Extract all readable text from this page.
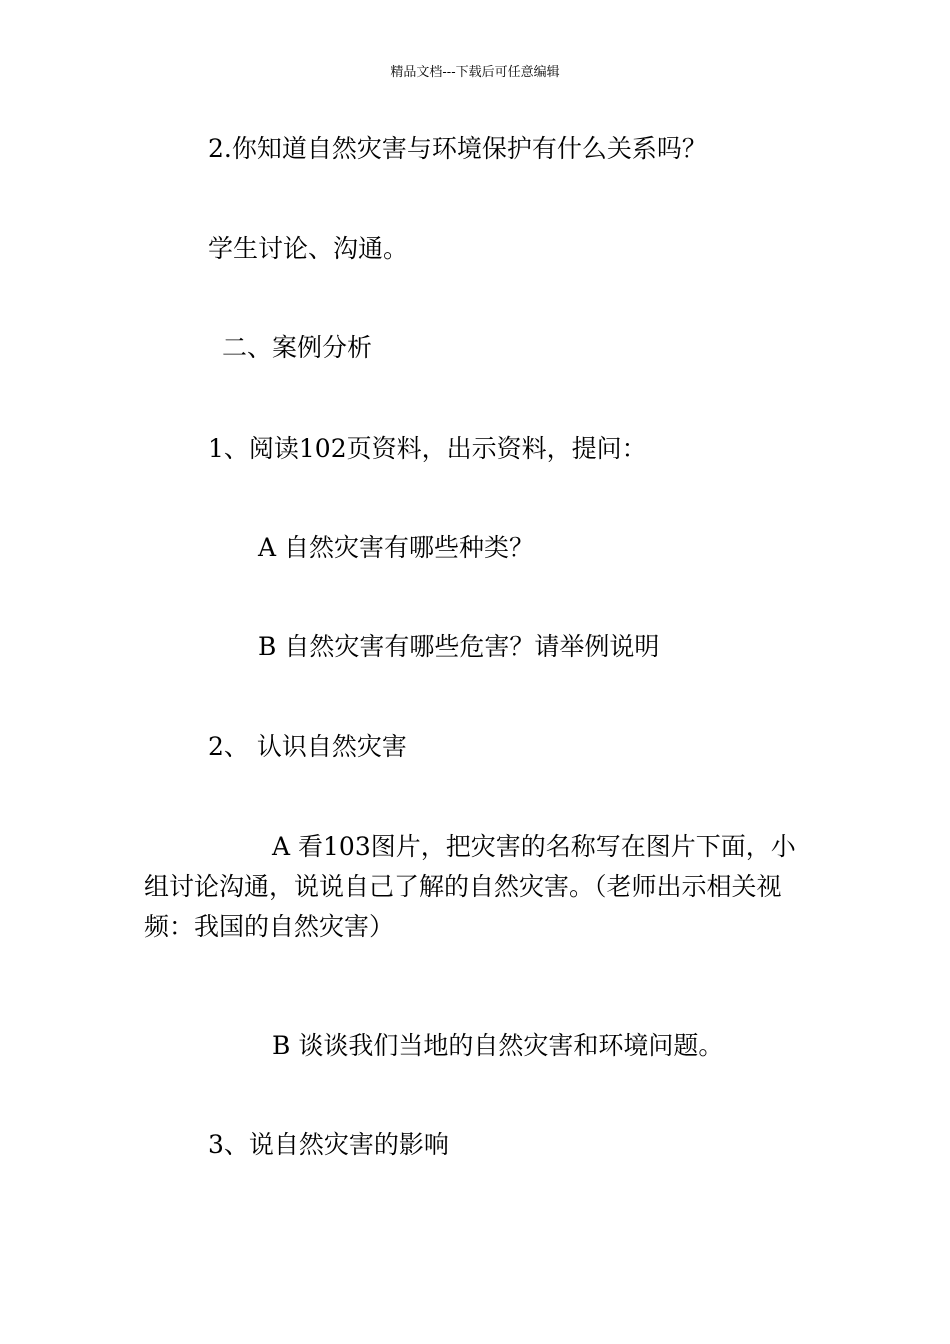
精品文档---下载后可任意编辑
2.你知道自然灾害与环境保护有什么关系吗？
学生讨论、沟通。
二、案例分析
1、阅读102页资料，出示资料，提问：
A 自然灾害有哪些种类？
B 自然灾害有哪些危害？请举例说明
2、 认识自然灾害
A 看103图片，把灾害的名称写在图片下面，小组讨论沟通，说说自己了解的自然灾害。（老师出示相关视频：我国的自然灾害）
B 谈谈我们当地的自然灾害和环境问题。
3、说自然灾害的影响
